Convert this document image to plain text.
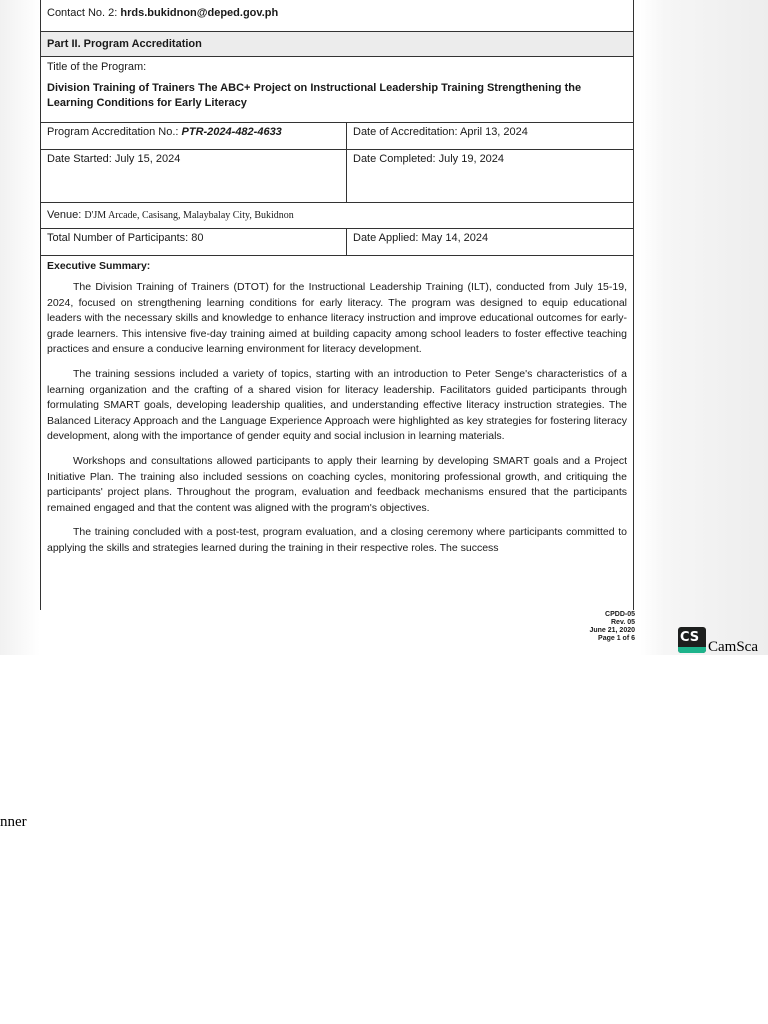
Contact No. 2: hrds.bukidnon@deped.gov.ph
Part II. Program Accreditation
Title of the Program:
Division Training of Trainers The ABC+ Project on Instructional Leadership Training Strengthening the Learning Conditions for Early Literacy
Program Accreditation No.: PTR-2024-482-4633	Date of Accreditation: April 13, 2024
Date Started: July 15, 2024	Date Completed: July 19, 2024
Venue: D'JM Arcade, Casisang, Malaybalay City, Bukidnon
Total Number of Participants: 80	Date Applied: May 14, 2024
Executive Summary:

The Division Training of Trainers (DTOT) for the Instructional Leadership Training (ILT), conducted from July 15-19, 2024, focused on strengthening learning conditions for early literacy. The program was designed to equip educational leaders with the necessary skills and knowledge to enhance literacy instruction and improve educational outcomes for early-grade learners. This intensive five-day training aimed at building capacity among school leaders to foster effective teaching practices and ensure a conducive learning environment for literacy development.

The training sessions included a variety of topics, starting with an introduction to Peter Senge's characteristics of a learning organization and the crafting of a shared vision for literacy leadership. Facilitators guided participants through formulating SMART goals, developing leadership qualities, and understanding effective literacy instruction strategies. The Balanced Literacy Approach and the Language Experience Approach were highlighted as key strategies for fostering literacy development, along with the importance of gender equity and social inclusion in learning materials.

Workshops and consultations allowed participants to apply their learning by developing SMART goals and a Project Initiative Plan. The training also included sessions on coaching cycles, monitoring professional growth, and critiquing the participants' project plans. Throughout the program, evaluation and feedback mechanisms ensured that the participants remained engaged and that the content was aligned with the program's objectives.

The training concluded with a post-test, program evaluation, and a closing ceremony where participants committed to applying the skills and strategies learned during the training in their respective roles. The success

CPDD-05
Rev. 05
June 21, 2020
Page 1 of 6	CS
CamSca
nner
